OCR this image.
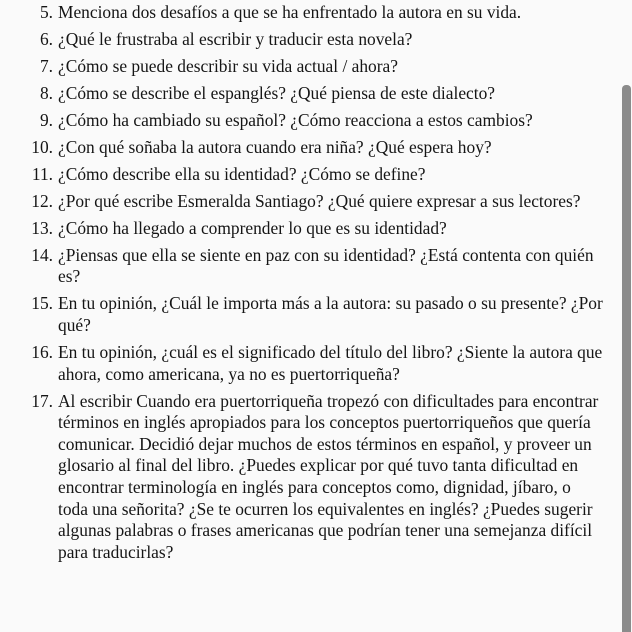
5. Menciona dos desafíos a que se ha enfrentado la autora en su vida.
6. ¿Qué le frustraba al escribir y traducir esta novela?
7. ¿Cómo se puede describir su vida actual / ahora?
8. ¿Cómo se describe el espanglés? ¿Qué piensa de este dialecto?
9. ¿Cómo ha cambiado su español? ¿Cómo reacciona a estos cambios?
10. ¿Con qué soñaba la autora cuando era niña? ¿Qué espera hoy?
11. ¿Cómo describe ella su identidad? ¿Cómo se define?
12. ¿Por qué escribe Esmeralda Santiago? ¿Qué quiere expresar a sus lectores?
13. ¿Cómo ha llegado a comprender lo que es su identidad?
14. ¿Piensas que ella se siente en paz con su identidad? ¿Está contenta con quién es?
15. En tu opinión, ¿Cuál le importa más a la autora: su pasado o su presente? ¿Por qué?
16. En tu opinión, ¿cuál es el significado del título del libro? ¿Siente la autora que ahora, como americana, ya no es puertorriqueña?
17. Al escribir Cuando era puertorriqueña tropezó con dificultades para encontrar términos en inglés apropiados para los conceptos puertorriqueños que quería comunicar. Decidió dejar muchos de estos términos en español, y proveer un glosario al final del libro. ¿Puedes explicar por qué tuvo tanta dificultad en encontrar terminología en inglés para conceptos como, dignidad, jíbaro, o toda una señorita? ¿Se te ocurren los equivalentes en inglés? ¿Puedes sugerir algunas palabras o frases americanas que podrían tener una semejanza difícil para traducirlas?
